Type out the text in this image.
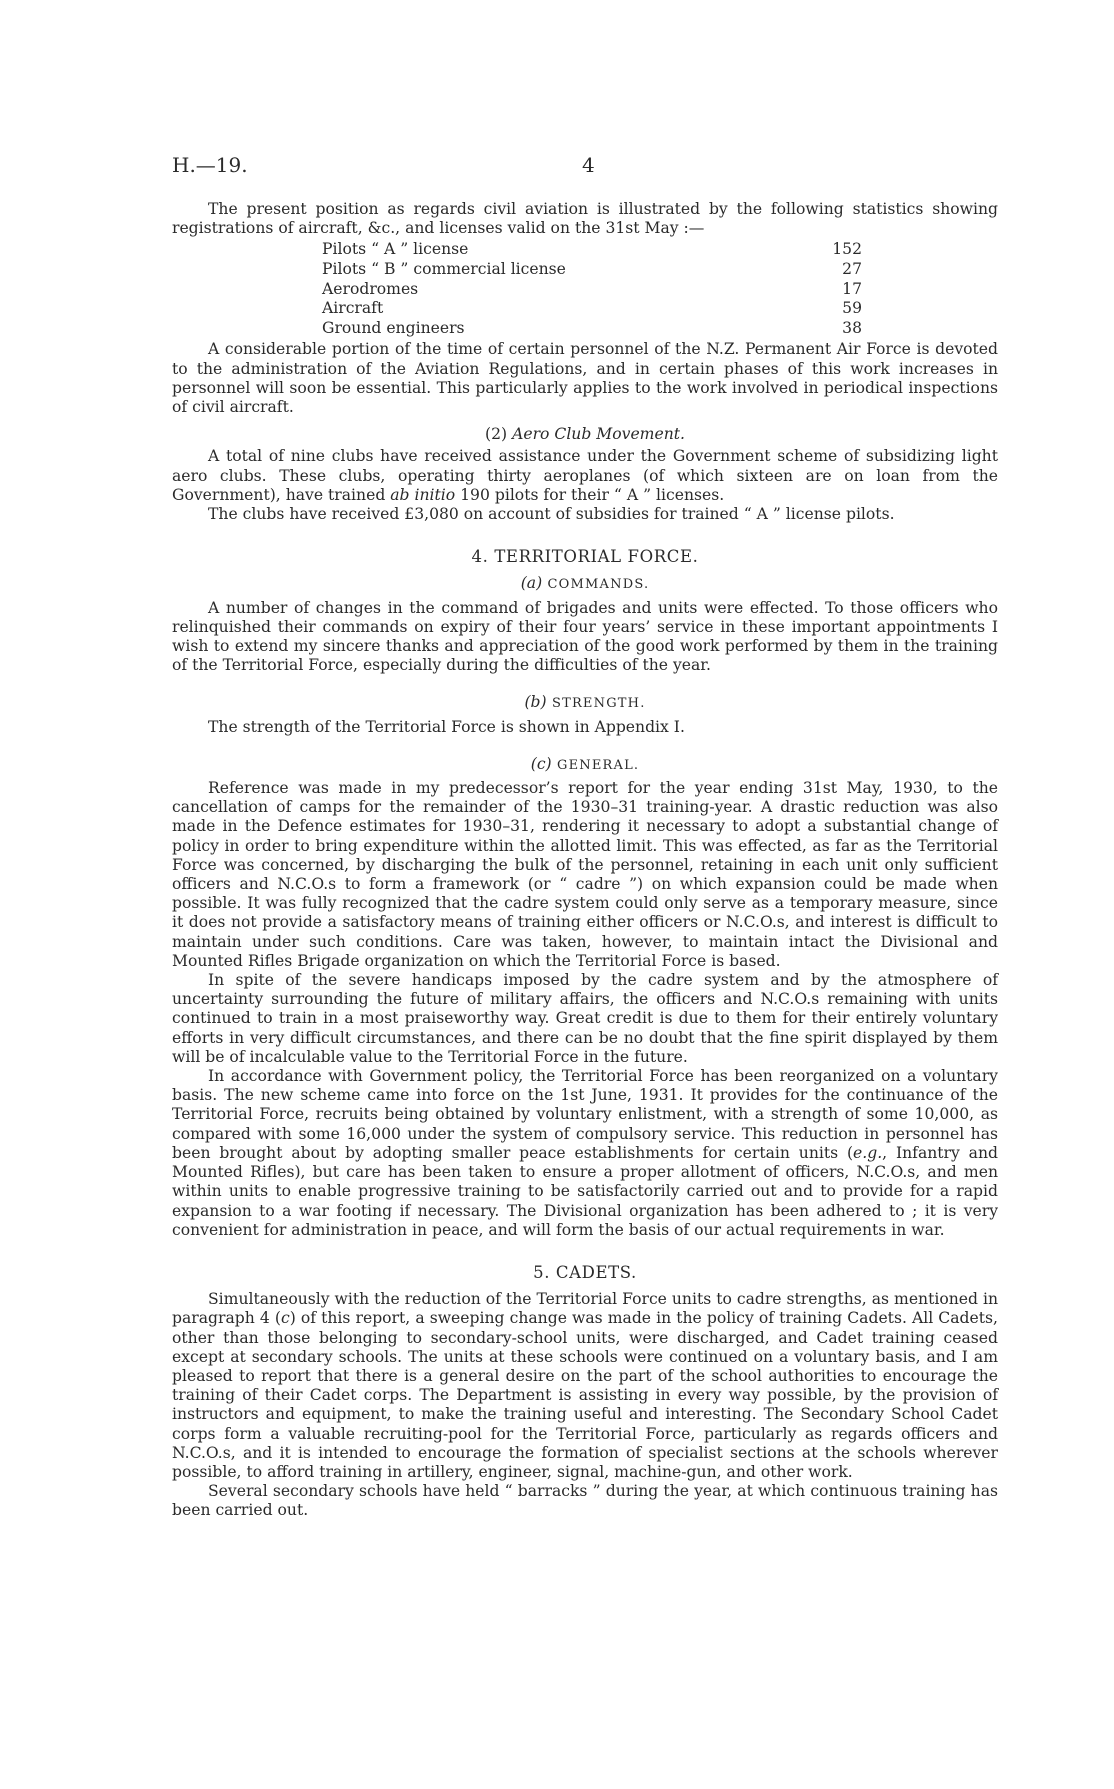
H.—19.	4

The present position as regards civil aviation is illustrated by the following statistics showing registrations of aircraft, &c., and licenses valid on the 31st May :—

Pilots “ A ” license	152
Pilots “ B ” commercial license	27
Aerodromes	17
Aircraft	59
Ground engineers	38

A considerable portion of the time of certain personnel of the N.Z. Permanent Air Force is devoted to the administration of the Aviation Regulations, and in certain phases of this work increases in personnel will soon be essential. This particularly applies to the work involved in periodical inspections of civil aircraft.

(2) Aero Club Movement.

A total of nine clubs have received assistance under the Government scheme of subsidizing light aero clubs. These clubs, operating thirty aeroplanes (of which sixteen are on loan from the Government), have trained ab initio 190 pilots for their “ A ” licenses.

The clubs have received £3,080 on account of subsidies for trained “ A ” license pilots.

4. TERRITORIAL FORCE.
(a) COMMANDS.

A number of changes in the command of brigades and units were effected. To those officers who relinquished their commands on expiry of their four years’ service in these important appointments I wish to extend my sincere thanks and appreciation of the good work performed by them in the training of the Territorial Force, especially during the difficulties of the year.

(b) STRENGTH.

The strength of the Territorial Force is shown in Appendix I.

(c) GENERAL.

Reference was made in my predecessor’s report for the year ending 31st May, 1930, to the cancellation of camps for the remainder of the 1930–31 training-year. A drastic reduction was also made in the Defence estimates for 1930–31, rendering it necessary to adopt a substantial change of policy in order to bring expenditure within the allotted limit. This was effected, as far as the Territorial Force was concerned, by discharging the bulk of the personnel, retaining in each unit only sufficient officers and N.C.O.s to form a framework (or “ cadre ”) on which expansion could be made when possible. It was fully recognized that the cadre system could only serve as a temporary measure, since it does not provide a satisfactory means of training either officers or N.C.O.s, and interest is difficult to maintain under such conditions. Care was taken, however, to maintain intact the Divisional and Mounted Rifles Brigade organization on which the Territorial Force is based.

In spite of the severe handicaps imposed by the cadre system and by the atmosphere of uncertainty surrounding the future of military affairs, the officers and N.C.O.s remaining with units continued to train in a most praiseworthy way. Great credit is due to them for their entirely voluntary efforts in very difficult circumstances, and there can be no doubt that the fine spirit displayed by them will be of incalculable value to the Territorial Force in the future.

In accordance with Government policy, the Territorial Force has been reorganized on a voluntary basis. The new scheme came into force on the 1st June, 1931. It provides for the continuance of the Territorial Force, recruits being obtained by voluntary enlistment, with a strength of some 10,000, as compared with some 16,000 under the system of compulsory service. This reduction in personnel has been brought about by adopting smaller peace establishments for certain units (e.g., Infantry and Mounted Rifles), but care has been taken to ensure a proper allotment of officers, N.C.O.s, and men within units to enable progressive training to be satisfactorily carried out and to provide for a rapid expansion to a war footing if necessary. The Divisional organization has been adhered to ; it is very convenient for administration in peace, and will form the basis of our actual requirements in war.

5. CADETS.

Simultaneously with the reduction of the Territorial Force units to cadre strengths, as mentioned in paragraph 4 (c) of this report, a sweeping change was made in the policy of training Cadets. All Cadets, other than those belonging to secondary-school units, were discharged, and Cadet training ceased except at secondary schools. The units at these schools were continued on a voluntary basis, and I am pleased to report that there is a general desire on the part of the school authorities to encourage the training of their Cadet corps. The Department is assisting in every way possible, by the provision of instructors and equipment, to make the training useful and interesting. The Secondary School Cadet corps form a valuable recruiting-pool for the Territorial Force, particularly as regards officers and N.C.O.s, and it is intended to encourage the formation of specialist sections at the schools wherever possible, to afford training in artillery, engineer, signal, machine-gun, and other work.

Several secondary schools have held “ barracks ” during the year, at which continuous training has been carried out.
